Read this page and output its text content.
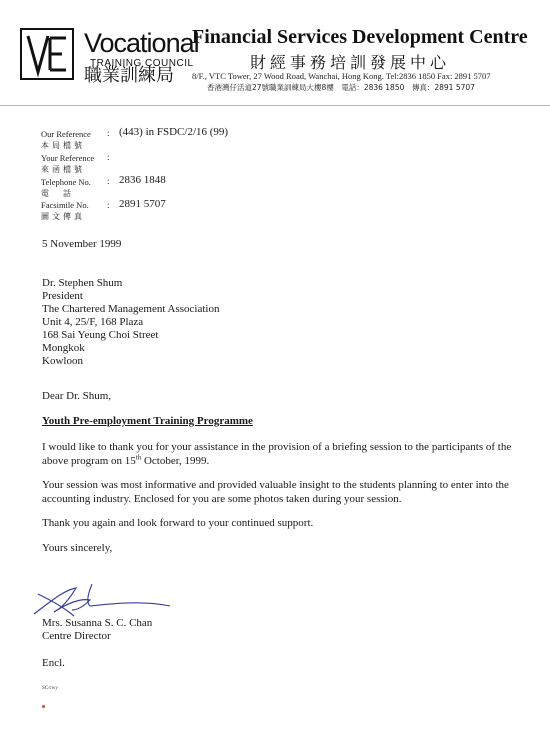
Vocational
TRAINING COUNCIL
職業訓練局
Financial Services Development Centre
財經事務培訓發展中心
8/F., VTC Tower, 27 Wood Road, Wanchai, Hong Kong. Tel:2836 1850 Fax: 2891 5707
香港灣仔活道27號職業訓練局大樓8樓　電話：2836 1850　傳真：2891 5707
Our Reference
本局檔號
: (443) in FSDC/2/16 (99)
Your Reference
來函檔號
:
Telephone No.
電　話
: 2836 1848
Facsimile No.
圖文傳真
: 2891 5707
5 November 1999
Dr. Stephen Shum
President
The Chartered Management Association
Unit 4, 25/F, 168 Plaza
168 Sai Yeung Choi Street
Mongkok
Kowloon
Dear Dr. Shum,
Youth Pre-employment Training Programme
I would like to thank you for your assistance in the provision of a briefing session to the participants of the above program on 15th October, 1999.
Your session was most informative and provided valuable insight to the students planning to enter into the accounting industry. Enclosed for you are some photos taken during your session.
Thank you again and look forward to your continued support.
Yours sincerely,
Mrs. Susanna S. C. Chan
Centre Director
Encl.
SC/cwy
